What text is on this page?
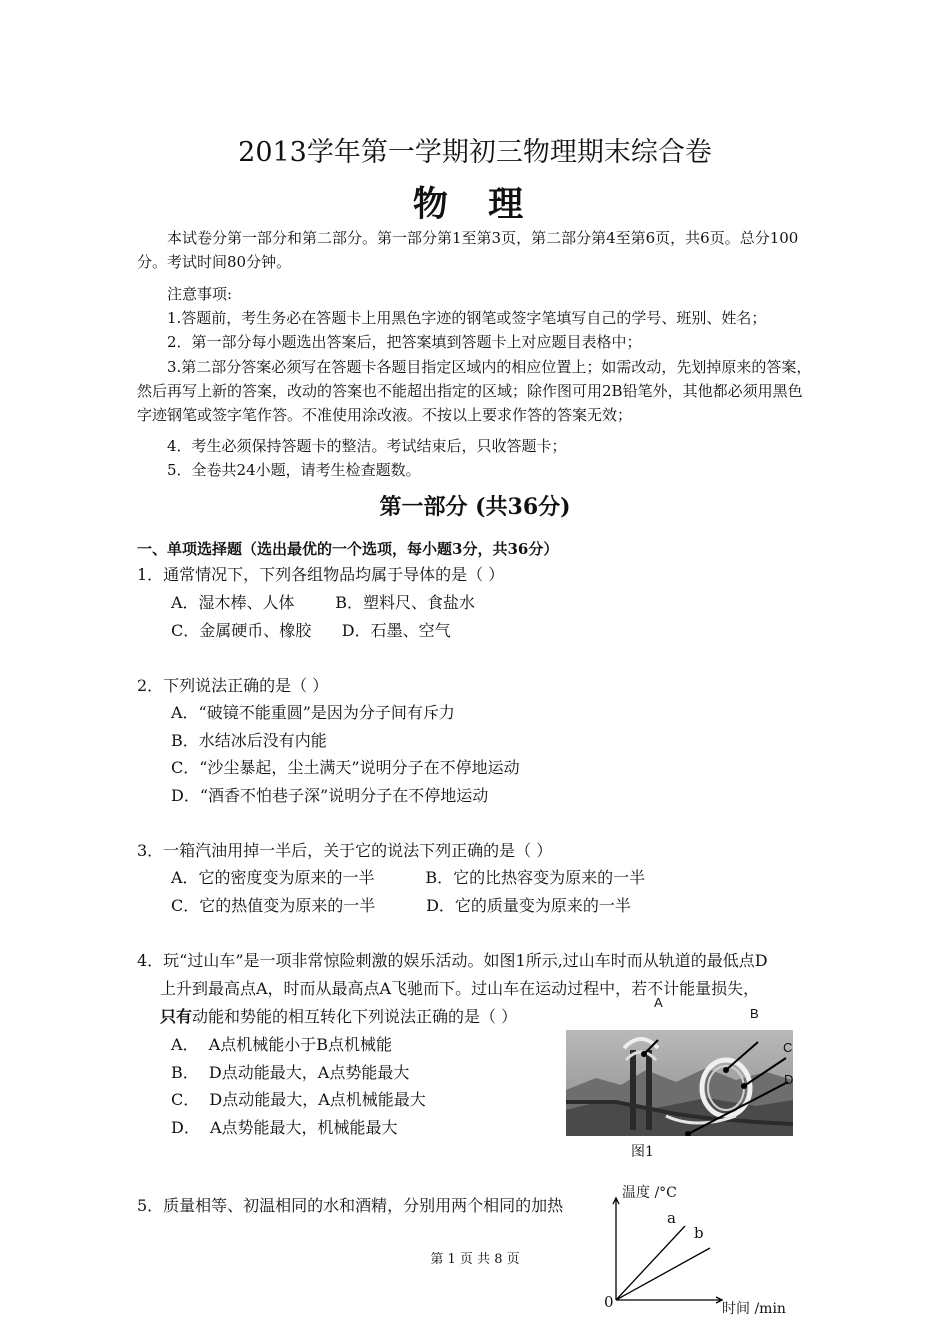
2013学年第一学期初三物理期末综合卷
物 理
本试卷分第一部分和第二部分。第一部分第1至第3页，第二部分第4至第6页，共6页。总分100分。考试时间80分钟。
注意事项:
1.答题前，考生务必在答题卡上用黑色字迹的钢笔或签字笔填写自己的学号、班别、姓名；
2．第一部分每小题选出答案后，把答案填到答题卡上对应题目表格中；
3.第二部分答案必须写在答题卡各题目指定区域内的相应位置上；如需改动，先划掉原来的答案，然后再写上新的答案，改动的答案也不能超出指定的区域；除作图可用2B铅笔外，其他都必须用黑色字迹钢笔或签字笔作答。不准使用涂改液。不按以上要求作答的答案无效；
4．考生必须保持答题卡的整洁。考试结束后，只收答题卡；
5．全卷共24小题，请考生检查题数。
第一部分 (共36分)
一、单项选择题（选出最优的一个选项，每小题3分，共36分）
1．通常情况下，下列各组物品均属于导体的是（ ）
A．湿木棒、人体        B．塑料尺、食盐水
C．金属硬币、橡胶      D．石墨、空气
2．下列说法正确的是（ ）
A．“破镜不能重圆”是因为分子间有斥力
B．水结冰后没有内能
C．“沙尘暴起，尘土满天”说明分子在不停地运动
D．“酒香不怕巷子深”说明分子在不停地运动
3．一箱汽油用掉一半后，关于它的说法下列正确的是（ ）
A．它的密度变为原来的一半          B．它的比热容变为原来的一半
C．它的热值变为原来的一半          D．它的质量变为原来的一半
4．玩“过山车”是一项非常惊险刺激的娱乐活动。如图1所示,过山车时而从轨道的最低点D
上升到最高点A，时而从最高点A飞驰而下。过山车在运动过程中，若不计能量损失，
只有动能和势能的相互转化下列说法正确的是（ ）
A．  A点机械能小于B点机械能
B．  D点动能最大，A点势能最大
C．  D点动能最大，A点机械能最大
D．  A点势能最大，机械能最大
A
B
C
D
图1
5．质量相等、初温相同的水和酒精，分别用两个相同的加热
温度 /°C
时间 /min
0
a
b
第 1 页 共 8 页
